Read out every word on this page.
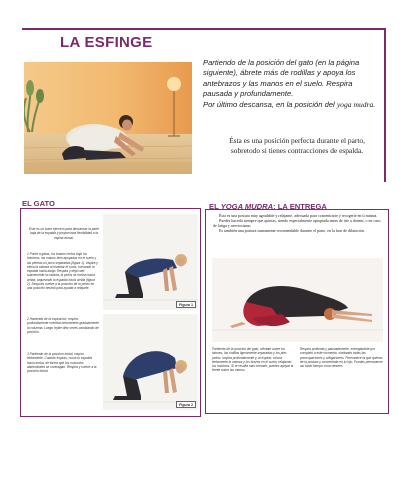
LA ESFINGE
Partiendo de la posición del gato (en la página siguiente), ábrete más de rodillas y apoya los antebrazos y las manos en el suelo. Respira pausada y profundamente.
Por último descansa, en la posición del yoga mudra.
Ésta es una posición perfecta durante el parto, sobretodo si tienes contracciones de espalda.
EL GATO
Éste es un buen ejercicio para descansar la parte baja de la espalda y proporciona flexibilidad a la espina dorsal.
1 Ponte a gatas, los brazos rectos bajo los hombros, las manos bien apoyadas en el suelo y las piernas un poco separadas (figura 1). Inspira y eleva la cabeza al levantar el coxis, curvando la espalda hacia abajo. Respira y deja caer suavemente la cabeza, la pelvis se inclina hacia arriba, arqueando la espalda hacia arriba (figura 2). Después vuelve a la posición de la pelvis en una posición neutral para ayudar a relajarte.
2 Haciendo de la espiración, respira profundamente mientras desciendes gradualmente la columna. Luego repite diez veces cambiando de posición.
3 Partiendo de la posición inicial, inspira lentamente. Cuando espiras, curva tu espalda hacia arriba, de forma que los músculos abdominales se contraigan. Respira y vuelve a la posición inicial.
Figura 1
Figura 2
EL YOGA MUDRA: LA ENTREGA

Ésta es una postura muy agradable y relajante, adecuada para concentrarte y recogerte en ti misma.

Puedes hacerla siempre que quieras, siendo especialmente apropiada antes de irte a dormir, o en caso de fatiga y nerviosismo.

Es también una postura sumamente recomendable durante el parto, en la fase de dilatación.

Partiendo de la posición del gato, siéntate sobre los talones, las rodillas ligeramente separadas y los pies juntos. Inspira profundamente y, al espirar, coloca lentamente la cabeza y los brazos en el suelo, relajando los hombros. Si te resulta más cómodo, puedes apoyar la frente sobre las manos.
Respira profunda y pausadamente, entregándote por completo a este momento, olvidando todas las preocupaciones y obligaciones. Permanece la que quieras de la postura y concéntrate en tu hijo. Puedes permanecer así tanto tiempo como desees.
